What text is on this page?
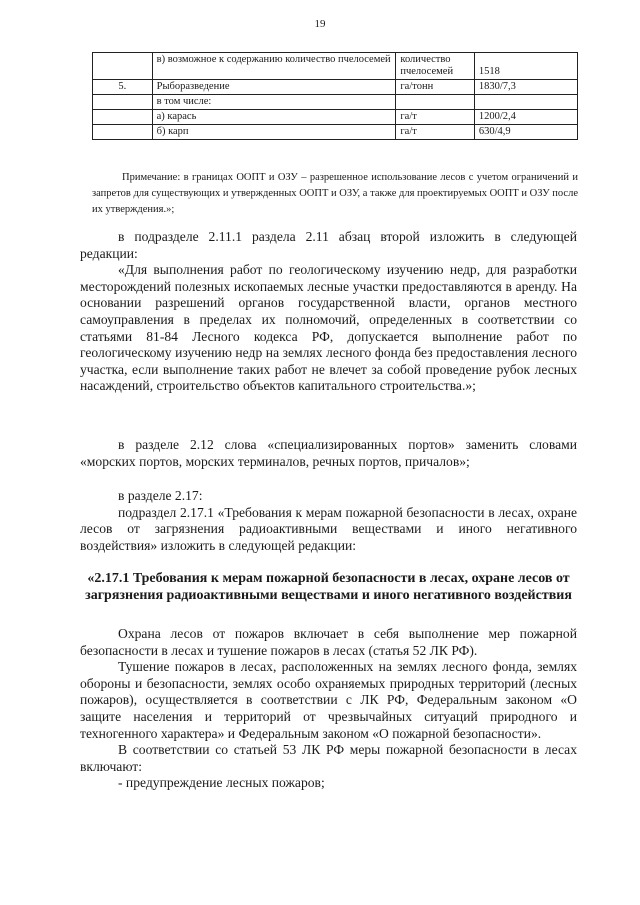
19
	в) возможное к содержанию количество пчелосемей	количество пчелосемей	1518
5.	Рыборазведение	га/тонн	1830/7,3
	в том числе:		
	а) карась	га/т	1200/2,4
	б) карп	га/т	630/4,9

Примечание: в границах ООПТ и ОЗУ – разрешенное использование лесов с учетом ограничений и запретов для существующих и утвержденных ООПТ и ОЗУ, а также для проектируемых ООПТ и ОЗУ после их утверждения.»;

в подразделе 2.11.1 раздела 2.11 абзац второй изложить в следующей редакции:

«Для выполнения работ по геологическому изучению недр, для разработки месторождений полезных ископаемых лесные участки предоставляются в аренду. На основании разрешений органов государственной власти, органов местного самоуправления в пределах их полномочий, определенных в соответствии со статьями 81-84 Лесного кодекса РФ, допускается выполнение работ по геологическому изучению недр на землях лесного фонда без предоставления лесного участка, если выполнение таких работ не влечет за собой проведение рубок лесных насаждений, строительство объектов капитального строительства.»;

в разделе 2.12 слова «специализированных портов» заменить словами «морских портов, морских терминалов, речных портов, причалов»;

в разделе 2.17:

подраздел 2.17.1 «Требования к мерам пожарной безопасности в лесах, охране лесов от загрязнения радиоактивными веществами и иного негативного воздействия» изложить в следующей редакции:

«2.17.1 Требования к мерам пожарной безопасности в лесах, охране лесов от загрязнения радиоактивными веществами и иного негативного воздействия

Охрана лесов от пожаров включает в себя выполнение мер пожарной безопасности в лесах и тушение пожаров в лесах (статья 52 ЛК РФ).

Тушение пожаров в лесах, расположенных на землях лесного фонда, землях обороны и безопасности, землях особо охраняемых природных территорий (лесных пожаров), осуществляется в соответствии с ЛК РФ, Федеральным законом «О защите населения и территорий от чрезвычайных ситуаций природного и техногенного характера» и Федеральным законом «О пожарной безопасности».

В соответствии со статьей 53 ЛК РФ меры пожарной безопасности в лесах включают:

- предупреждение лесных пожаров;
